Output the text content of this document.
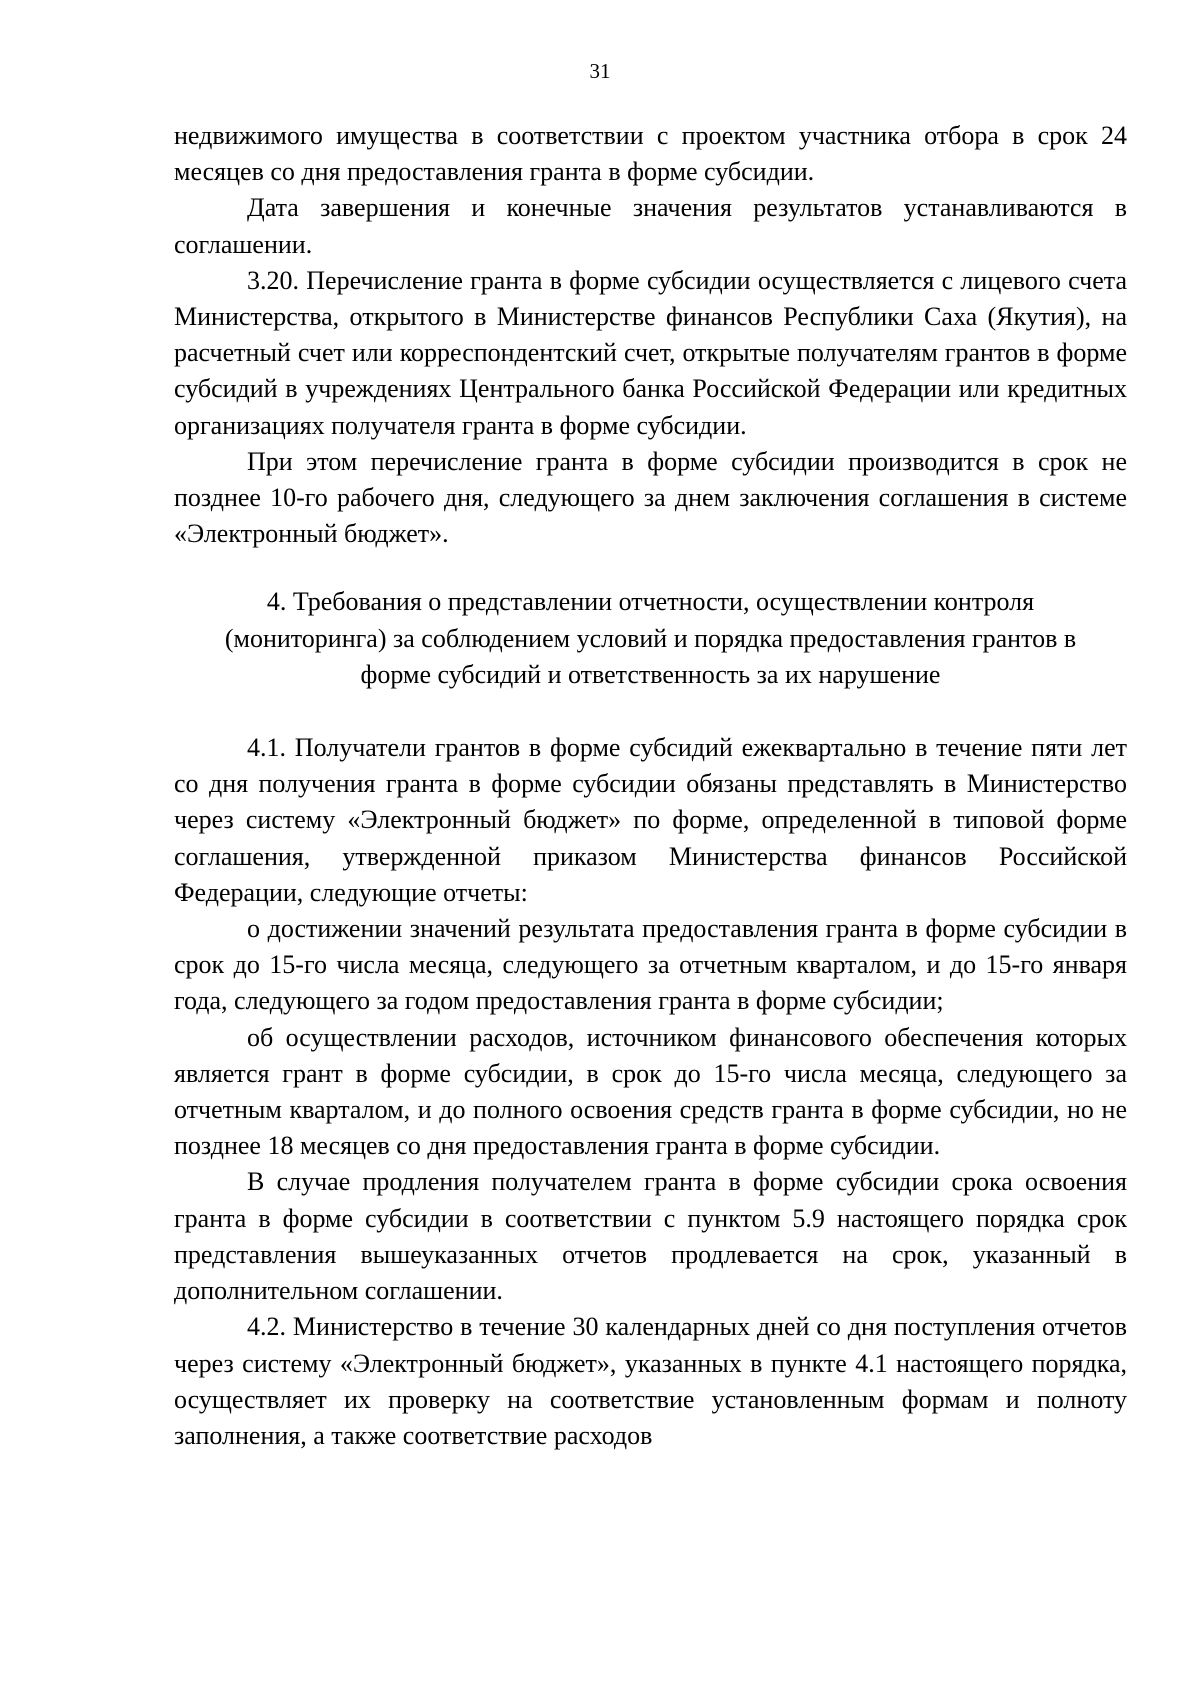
31

недвижимого имущества в соответствии с проектом участника отбора в срок 24 месяцев со дня предоставления гранта в форме субсидии.

Дата завершения и конечные значения результатов устанавливаются в соглашении.

3.20. Перечисление гранта в форме субсидии осуществляется с лицевого счета Министерства, открытого в Министерстве финансов Республики Саха (Якутия), на расчетный счет или корреспондентский счет, открытые получателям грантов в форме субсидий в учреждениях Центрального банка Российской Федерации или кредитных организациях получателя гранта в форме субсидии.

При этом перечисление гранта в форме субсидии производится в срок не позднее 10-го рабочего дня, следующего за днем заключения соглашения в системе «Электронный бюджет».

4. Требования о представлении отчетности, осуществлении контроля
(мониторинга) за соблюдением условий и порядка предоставления грантов в
форме субсидий и ответственность за их нарушение

4.1. Получатели грантов в форме субсидий ежеквартально в течение пяти лет со дня получения гранта в форме субсидии обязаны представлять в Министерство через систему «Электронный бюджет» по форме, определенной в типовой форме соглашения, утвержденной приказом Министерства финансов Российской Федерации, следующие отчеты:

о достижении значений результата предоставления гранта в форме субсидии в срок до 15-го числа месяца, следующего за отчетным кварталом, и до 15-го января года, следующего за годом предоставления гранта в форме субсидии;

об осуществлении расходов, источником финансового обеспечения которых является грант в форме субсидии, в срок до 15-го числа месяца, следующего за отчетным кварталом, и до полного освоения средств гранта в форме субсидии, но не позднее 18 месяцев со дня предоставления гранта в форме субсидии.

В случае продления получателем гранта в форме субсидии срока освоения гранта в форме субсидии в соответствии с пунктом 5.9 настоящего порядка срок представления вышеуказанных отчетов продлевается на срок, указанный в дополнительном соглашении.

4.2. Министерство в течение 30 календарных дней со дня поступления отчетов через систему «Электронный бюджет», указанных в пункте 4.1 настоящего порядка, осуществляет их проверку на соответствие установленным формам и полноту заполнения, а также соответствие расходов
